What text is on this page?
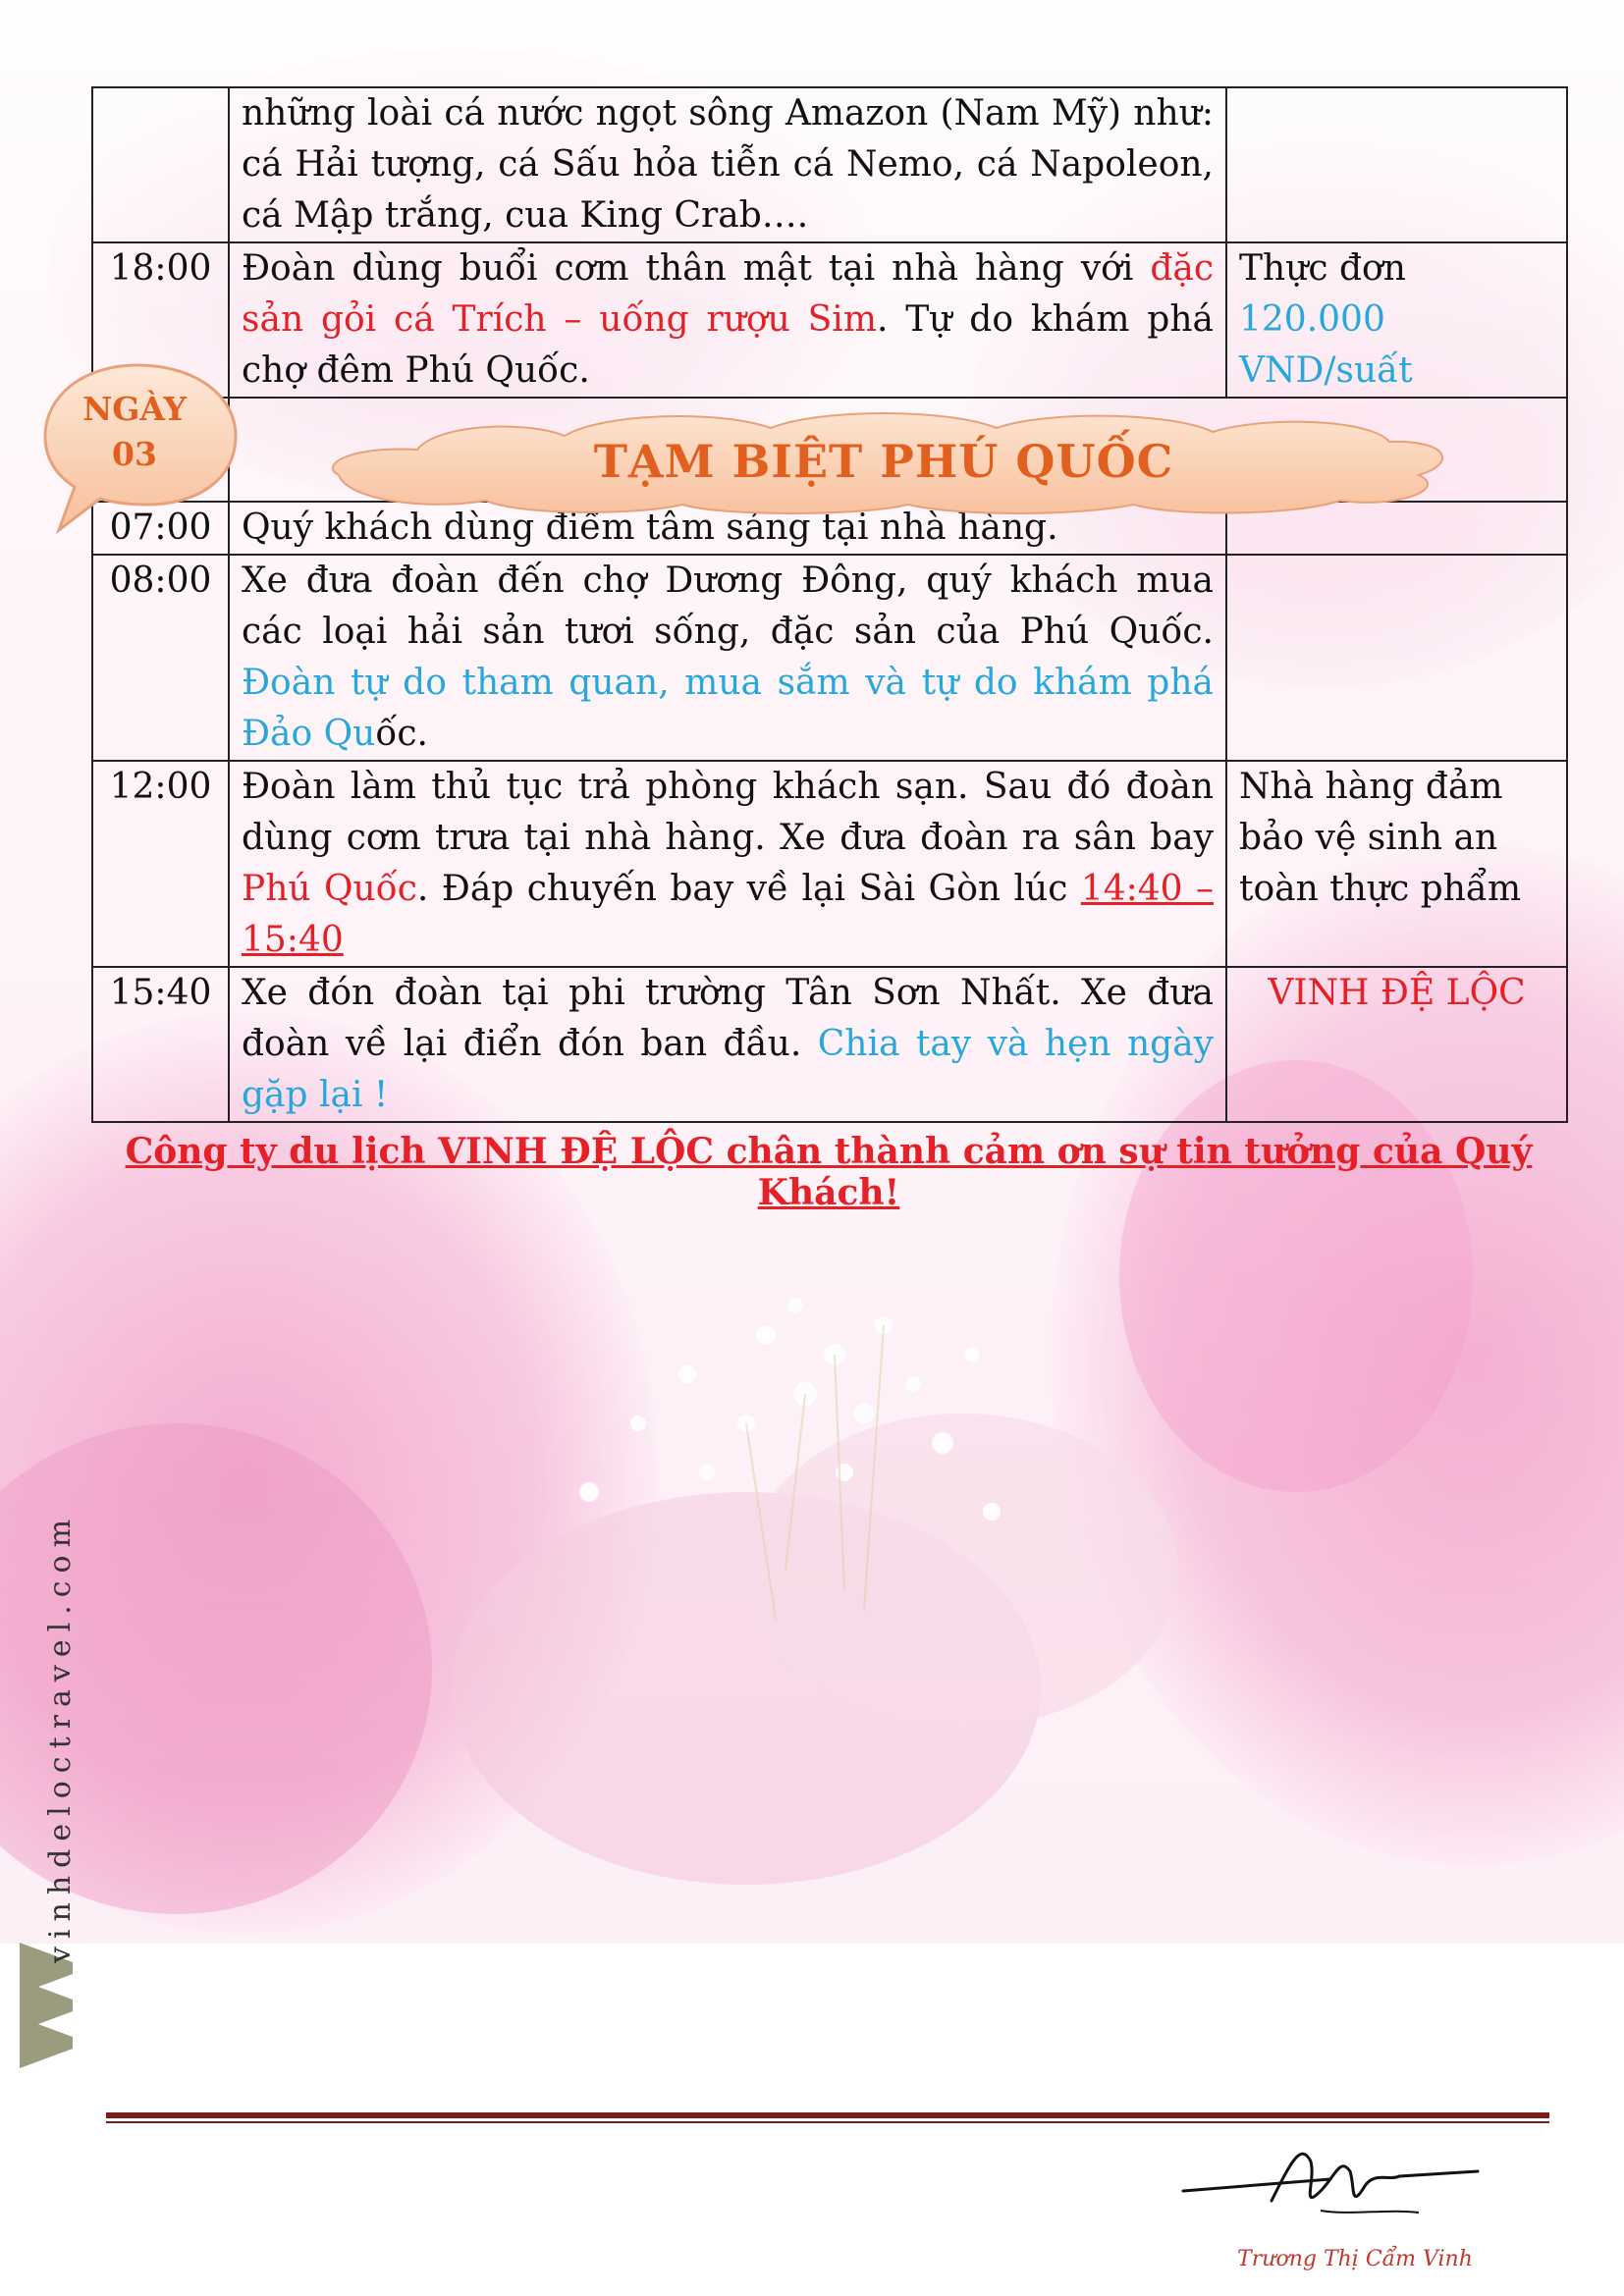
	những loài cá nước ngọt sông Amazon (Nam Mỹ) như: cá Hải tượng, cá Sấu hỏa tiễn cá Nemo, cá Napoleon, cá Mập trắng, cua King Crab….	
18:00	Đoàn dùng buổi cơm thân mật tại nhà hàng với đặc sản gỏi cá Trích – uống rượu Sim. Tự do khám phá chợ đêm Phú Quốc.	Thực đơn 120.000 VND/suất

07:00	Quý khách dùng điểm tâm sáng tại nhà hàng.	
08:00	Xe đưa đoàn đến chợ Dương Đông, quý khách mua các loại hải sản tươi sống, đặc sản của Phú Quốc. Đoàn tự do tham quan, mua sắm và tự do khám phá Đảo Quốc.	
12:00	Đoàn làm thủ tục trả phòng khách sạn. Sau đó đoàn dùng cơm trưa tại nhà hàng. Xe đưa đoàn ra sân bay Phú Quốc. Đáp chuyến bay về lại Sài Gòn lúc 14:40 – 15:40	Nhà hàng đảm bảo vệ sinh an toàn thực phẩm
15:40	Xe đón đoàn tại phi trường Tân Sơn Nhất. Xe đưa đoàn về lại điển đón ban đầu. Chia tay và hẹn ngày gặp lại !	VINH ĐỆ LỘC
TẠM BIỆT PHÚ QUỐC
NGÀY
03
Công ty du lịch VINH ĐỆ LỘC chân thành cảm ơn sự tin tưởng của Quý Khách!
vinhdeloctravel.com
Trương Thị Cẩm Vinh
